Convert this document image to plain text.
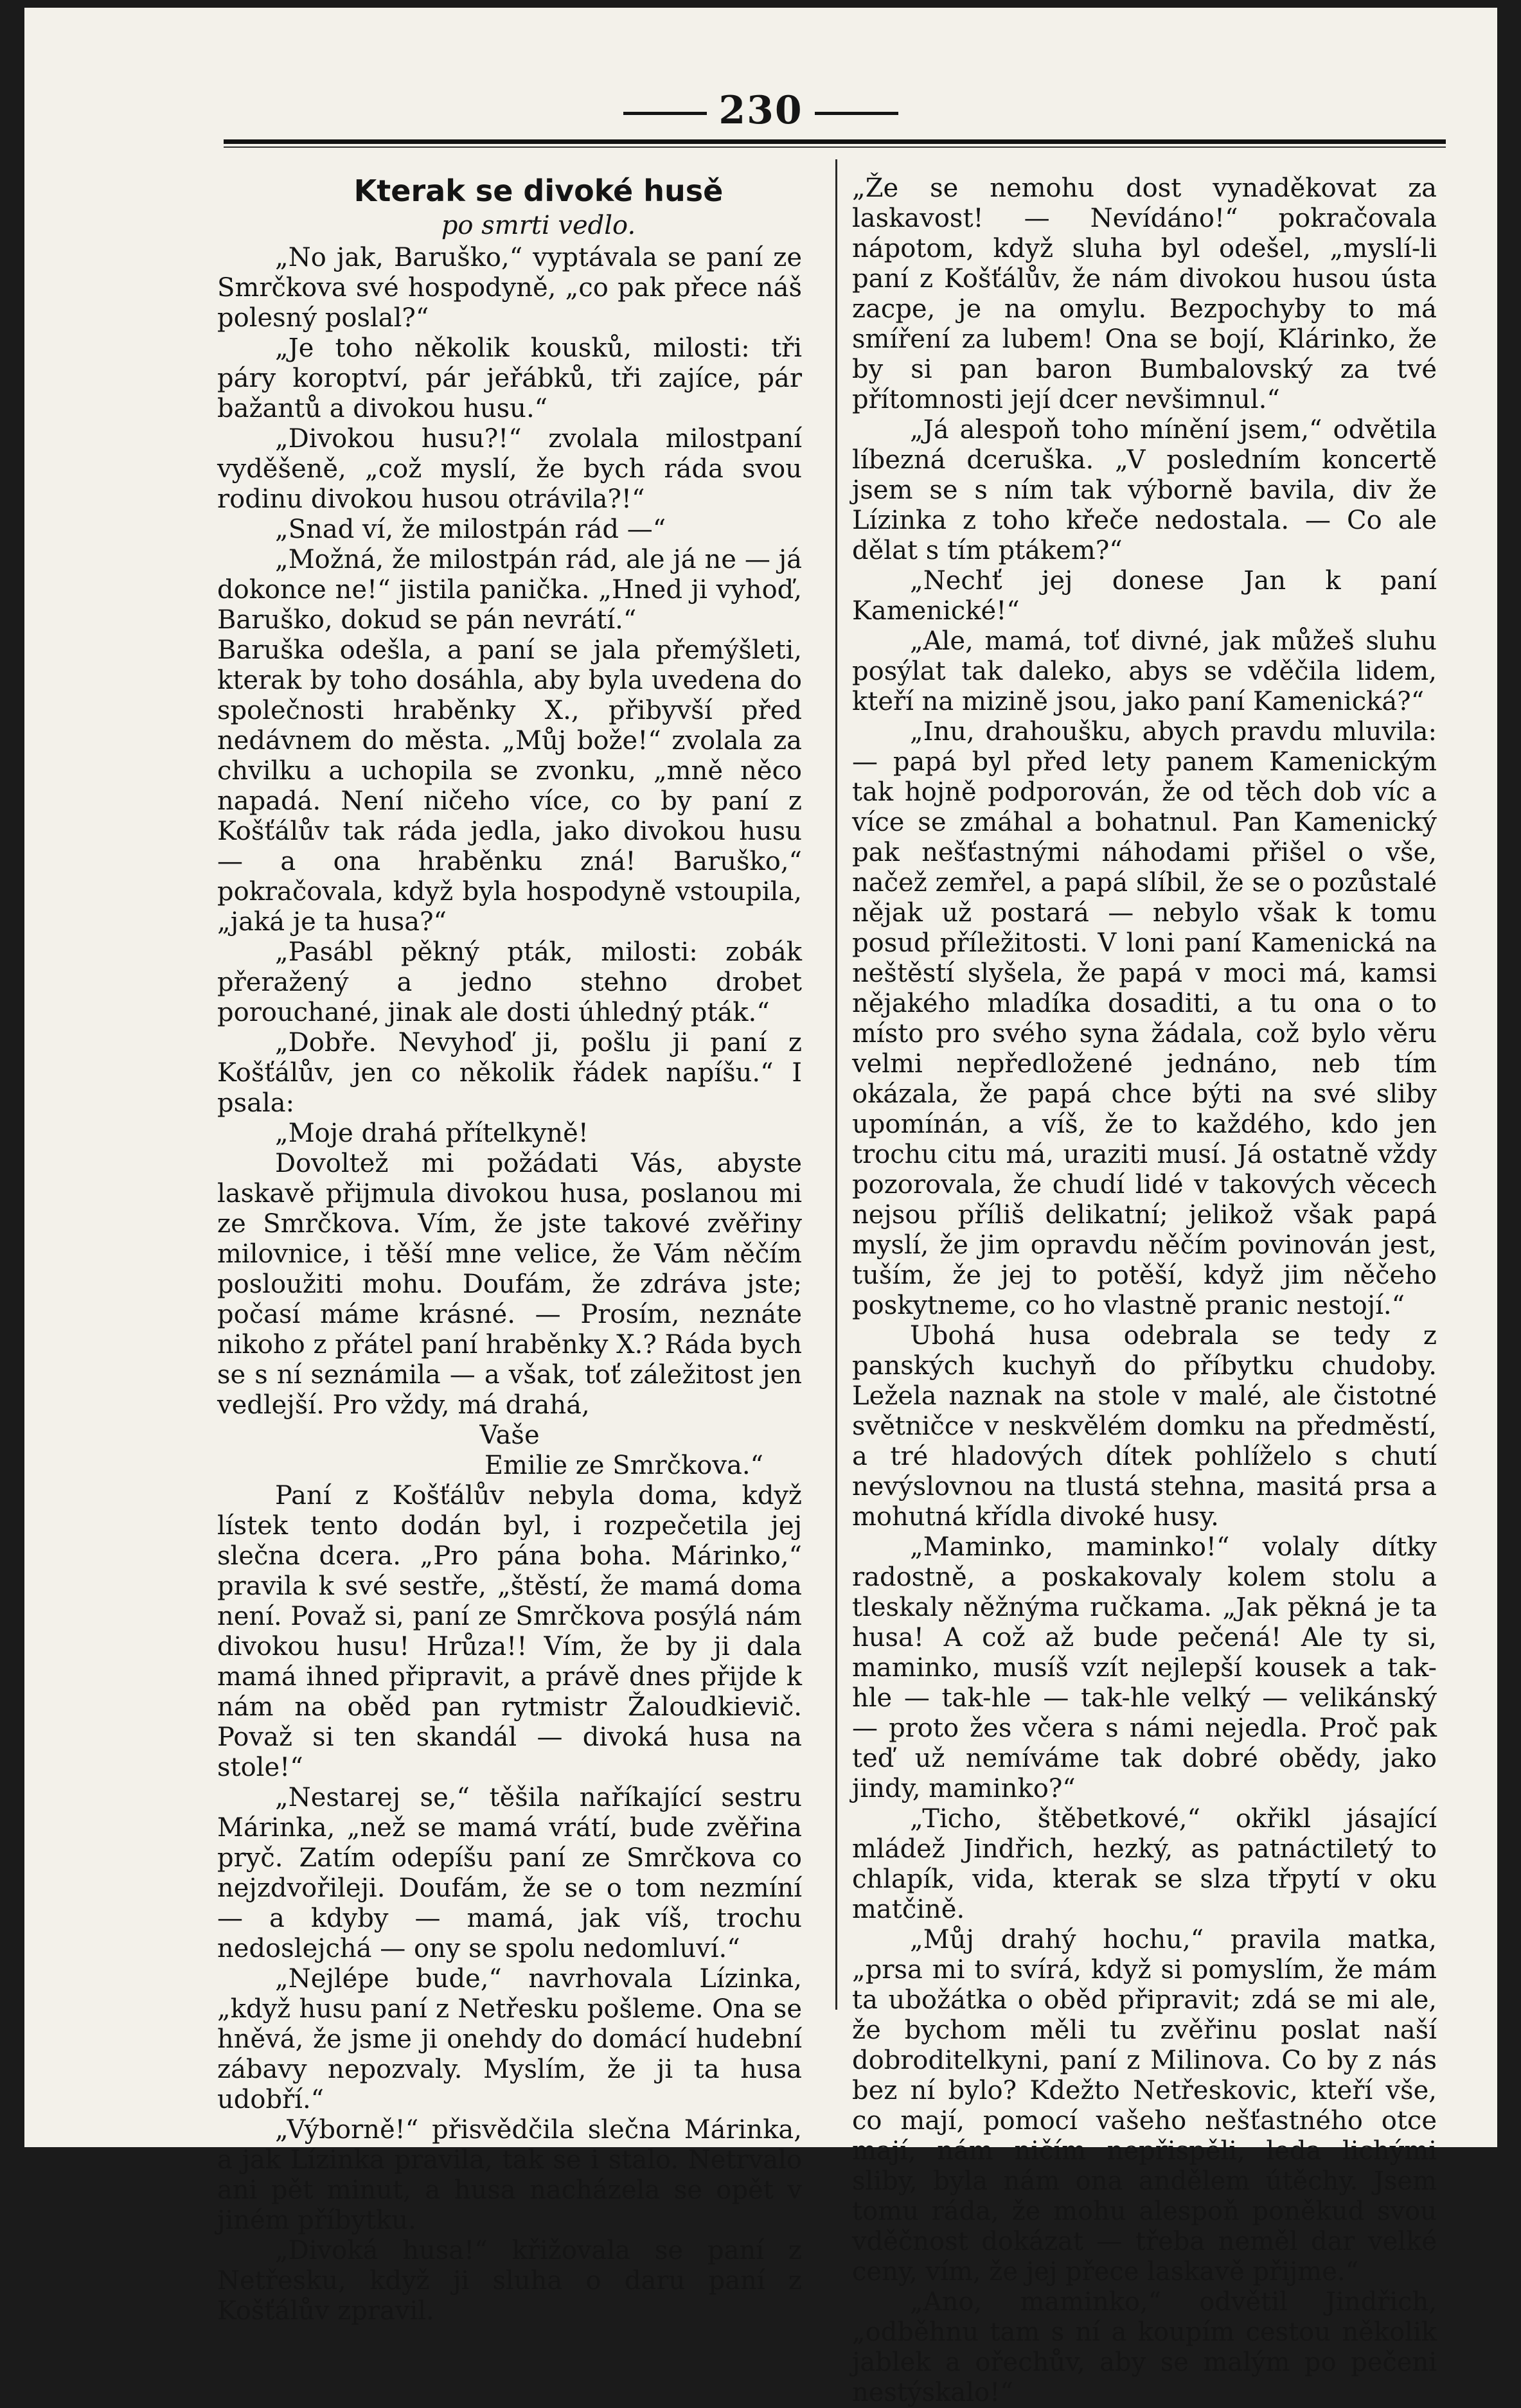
230

Kterak se divoké husě

po smrti vedlo.

„No jak, Baruško,“ vyptávala se paní ze Smrčkova své hospodyně, „co pak přece náš polesný poslal?“

„Je toho několik kousků, milosti: tři páry koroptví, pár jeřábků, tři zajíce, pár bažantů a divokou husu.“

„Divokou husu?!“ zvolala milostpaní vyděšeně, „což myslí, že bych ráda svou rodinu divokou husou otrávila?!“

„Snad ví, že milostpán rád —“

„Možná, že milostpán rád, ale já ne — já dokonce ne!“ jistila panička. „Hned ji vyhoď, Baruško, dokud se pán nevrátí.“

Baruška odešla, a paní se jala přemýšleti, kterak by toho dosáhla, aby byla uvedena do společnosti hraběnky X., přibyvší před nedávnem do města. „Můj bože!“ zvolala za chvilku a uchopila se zvonku, „mně něco napadá. Není ničeho více, co by paní z Košťálův tak ráda jedla, jako divokou husu — a ona hraběnku zná! Baruško,“ pokračovala, když byla hospodyně vstoupila, „jaká je ta husa?“

„Pasábl pěkný pták, milosti: zobák přeražený a jedno stehno drobet porouchané, jinak ale dosti úhledný pták.“

„Dobře. Nevyhoď ji, pošlu ji paní z Košťálův, jen co několik řádek napíšu.“ I psala:

„Moje drahá přítelkyně!

Dovoltež mi požádati Vás, abyste laskavě přijmula divokou husa, poslanou mi ze Smrčkova. Vím, že jste takové zvěřiny milovnice, i těší mne velice, že Vám něčím posloužiti mohu. Doufám, že zdráva jste; počasí máme krásné. — Prosím, neznáte nikoho z přátel paní hraběnky X.? Ráda bych se s ní seznámila — a však, toť záležitost jen vedlejší. Pro vždy, má drahá,

Vaše

Emilie ze Smrčkova.“

Paní z Košťálův nebyla doma, když lístek tento dodán byl, i rozpečetila jej slečna dcera. „Pro pána boha. Márinko,“ pravila k své sestře, „štěstí, že mamá doma není. Považ si, paní ze Smrčkova posýlá nám divokou husu! Hrůza!! Vím, že by ji dala mamá ihned připravit, a právě dnes přijde k nám na oběd pan rytmistr Žaloudkievič. Považ si ten skandál — divoká husa na stole!“

„Nestarej se,“ těšila naříkající sestru Márinka, „než se mamá vrátí, bude zvěřina pryč. Zatím odepíšu paní ze Smrčkova co nejzdvořileji. Doufám, že se o tom nezmíní — a kdyby — mamá, jak víš, trochu nedoslejchá — ony se spolu nedomluví.“

„Nejlépe bude,“ navrhovala Lízinka, „když husu paní z Netřesku pošleme. Ona se hněvá, že jsme ji onehdy do domácí hudební zábavy nepozvaly. Myslím, že ji ta husa udobří.“

„Výborně!“ přisvědčila slečna Márinka, a jak Lízinka pravila, tak se i stalo. Netrvalo ani pět minut, a husa nacházela se opět v jiném příbytku.

„Divoká husa!“ křižovala se paní z Netřesku, když ji sluha o daru paní z Košťálův zpravil.

„Že se nemohu dost vynaděkovat za laskavost! — Nevídáno!“ pokračovala nápotom, když sluha byl odešel, „myslí-li paní z Košťálův, že nám divokou husou ústa zacpe, je na omylu. Bezpochyby to má smíření za lubem! Ona se bojí, Klárinko, že by si pan baron Bumbalovský za tvé přítomnosti její dcer nevšimnul.“

„Já alespoň toho mínění jsem,“ odvětila líbezná dceruška. „V posledním koncertě jsem se s ním tak výborně bavila, div že Lízinka z toho křeče nedostala. — Co ale dělat s tím ptákem?“

„Nechť jej donese Jan k paní Kamenické!“

„Ale, mamá, toť divné, jak můžeš sluhu posýlat tak daleko, abys se vděčila lidem, kteří na mizině jsou, jako paní Kamenická?“

„Inu, drahoušku, abych pravdu mluvila: — papá byl před lety panem Kamenickým tak hojně podporován, že od těch dob víc a více se zmáhal a bohatnul. Pan Kamenický pak nešťastnými náhodami přišel o vše, načež zemřel, a papá slíbil, že se o pozůstalé nějak už postará — nebylo však k tomu posud příležitosti. V loni paní Kamenická na neštěstí slyšela, že papá v moci má, kamsi nějakého mladíka dosaditi, a tu ona o to místo pro svého syna žádala, což bylo věru velmi nepředložené jednáno, neb tím okázala, že papá chce býti na své sliby upomínán, a víš, že to každého, kdo jen trochu citu má, uraziti musí. Já ostatně vždy pozorovala, že chudí lidé v takových věcech nejsou příliš delikatní; jelikož však papá myslí, že jim opravdu něčím povinován jest, tuším, že jej to potěší, když jim něčeho poskytneme, co ho vlastně pranic nestojí.“

Ubohá husa odebrala se tedy z panských kuchyň do příbytku chudoby. Ležela naznak na stole v malé, ale čistotné světničce v neskvělém domku na předměstí, a tré hladových dítek pohlíželo s chutí nevýslovnou na tlustá stehna, masitá prsa a mohutná křídla divoké husy.

„Maminko, maminko!“ volaly dítky radostně, a poskakovaly kolem stolu a tleskaly něžnýma ručkama. „Jak pěkná je ta husa! A což až bude pečená! Ale ty si, maminko, musíš vzít nejlepší kousek a tak-hle — tak-hle — tak-hle velký — velikánský — proto žes včera s námi nejedla. Proč pak teď už nemíváme tak dobré obědy, jako jindy, maminko?“

„Ticho, štěbetkové,“ okřikl jásající mládež Jindřich, hezký, as patnáctiletý to chlapík, vida, kterak se slza třpytí v oku matčině.

„Můj drahý hochu,“ pravila matka, „prsa mi to svírá, když si pomyslím, že mám ta ubožátka o oběd připravit; zdá se mi ale, že bychom měli tu zvěřinu poslat naší dobroditelkyni, paní z Milinova. Co by z nás bez ní bylo? Kdežto Netřeskovic, kteří vše, co mají, pomocí vašeho nešťastného otce mají, nám ničím nepřispěli, leda lichými sliby, byla nám ona andělem útěchy. Jsem tomu ráda, že mohu alespoň poněkud svou vděčnost dokázat — třeba neměl dar velké ceny, vím, že jej přece laskavě přijme.“

„Ano, maminko,“ odvětil Jindřich, „odběhnu tam s ní a koupím cestou několik jablek a ořechův, aby se malým po pečeni nestýskalo!“
